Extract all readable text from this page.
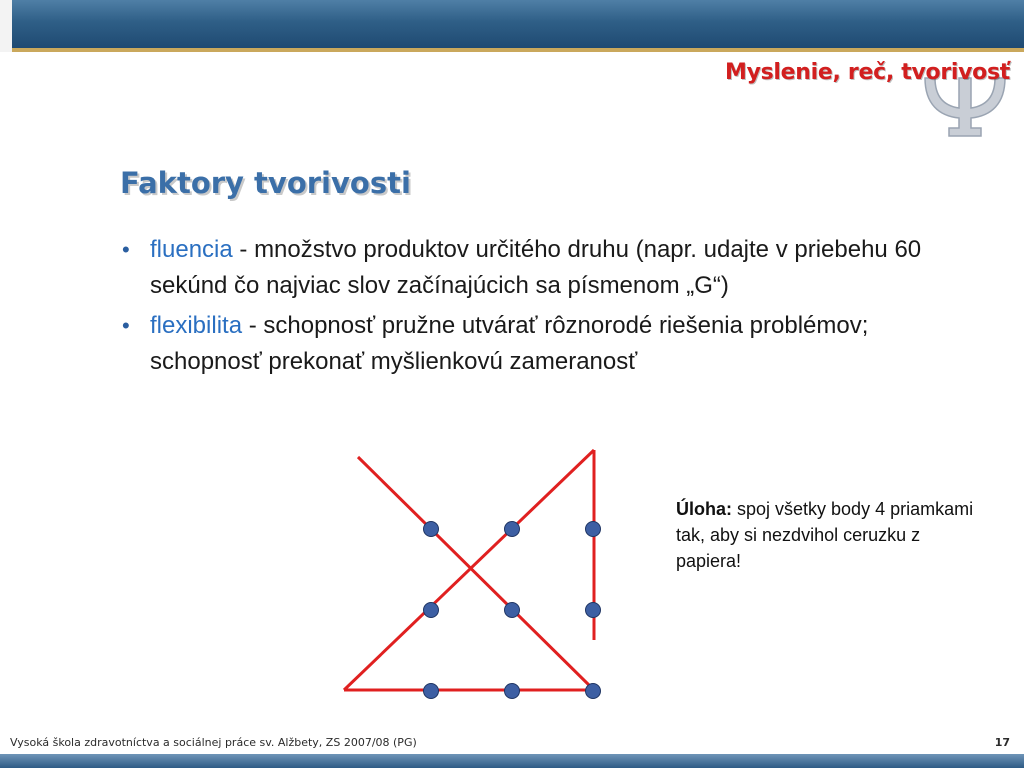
Myslenie, reč, tvorivosť
Faktory tvorivosti
• fluencia - množstvo produktov určitého druhu (napr. udajte v priebehu 60 sekúnd čo najviac slov začínajúcich sa písmenom „G“)
• flexibilita - schopnosť pružne utvárať rôznorodé riešenia problémov; schopnosť prekonať myšlienkovú zameranosť
Úloha: spoj všetky body 4 priamkami tak, aby si nezdvihol ceruzku z papiera!
Vysoká škola zdravotníctva a sociálnej práce sv. Alžbety, ZS 2007/08 (PG)	17
